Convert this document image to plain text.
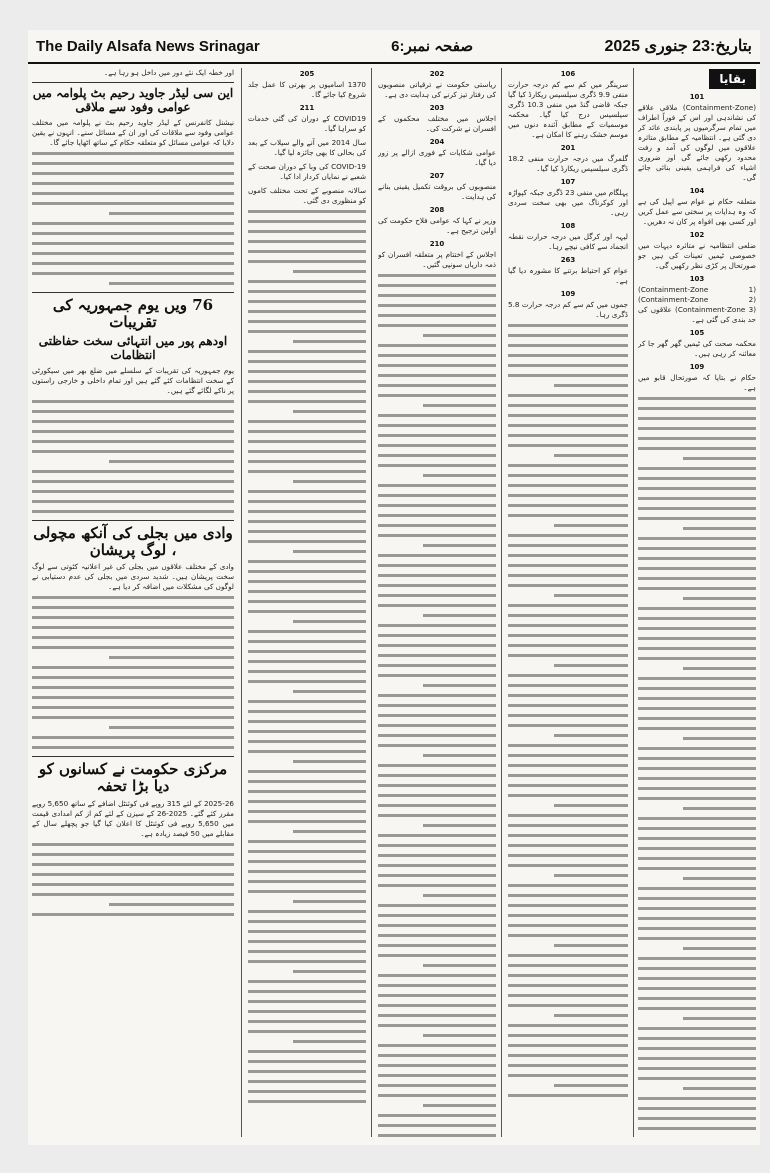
The Daily Alsafa News Srinagar	صفحہ نمبر:6	بتاریخ:23 جنوری 2025
بقایا
101

(Containment-Zone) ملاقی علاقے کی نشاندہی اور اس کے فوراً اطراف میں تمام سرگرمیوں پر پابندی عائد کر دی گئی ہے۔ انتظامیہ کے مطابق متاثرہ علاقوں میں لوگوں کی آمد و رفت محدود رکھی جائے گی اور ضروری اشیاء کی فراہمی یقینی بنائی جائے گی۔

104

متعلقہ حکام نے عوام سے اپیل کی ہے کہ وہ ہدایات پر سختی سے عمل کریں اور کسی بھی افواہ پر کان نہ دھریں۔

102

ضلعی انتظامیہ نے متاثرہ دیہات میں خصوصی ٹیمیں تعینات کی ہیں جو صورتحال پر کڑی نظر رکھیں گی۔

103

(Containment-Zone 1) (Containment-Zone 2) (Containment-Zone 3) علاقوں کی حد بندی کی گئی ہے۔

105

محکمہ صحت کی ٹیمیں گھر گھر جا کر معائنہ کر رہی ہیں۔

109

حکام نے بتایا کہ صورتحال قابو میں ہے۔

106

سرینگر میں کم سے کم درجہ حرارت منفی 9.9 ڈگری سیلسیس ریکارڈ کیا گیا جبکہ قاضی گنڈ میں منفی 10.3 ڈگری سیلسیس درج کیا گیا۔ محکمہ موسمیات کے مطابق آئندہ دنوں میں موسم خشک رہنے کا امکان ہے۔

201

گلمرگ میں درجہ حرارت منفی 18.2 ڈگری سیلسیس ریکارڈ کیا گیا۔

107

پہلگام میں منفی 23 ڈگری جبکہ کپواڑہ اور کوکرناگ میں بھی سخت سردی رہی۔

108

لیہہ اور کرگل میں درجہ حرارت نقطہ انجماد سے کافی نیچے رہا۔

263

عوام کو احتیاط برتنے کا مشورہ دیا گیا ہے۔

109

جموں میں کم سے کم درجہ حرارت 5.8 ڈگری رہا۔

202

ریاستی حکومت نے ترقیاتی منصوبوں کی رفتار تیز کرنے کی ہدایت دی ہے۔

203

اجلاس میں مختلف محکموں کے افسران نے شرکت کی۔

204

عوامی شکایات کے فوری ازالے پر زور دیا گیا۔

207

منصوبوں کی بروقت تکمیل یقینی بنانے کی ہدایت۔

208

وزیر نے کہا کہ عوامی فلاح حکومت کی اولین ترجیح ہے۔

210

اجلاس کے اختتام پر متعلقہ افسران کو ذمہ داریاں سونپی گئیں۔

205

1370 اسامیوں پر بھرتی کا عمل جلد شروع کیا جائے گا۔

211

COVID19 کے دوران کی گئی خدمات کو سراہا گیا۔

سال 2014 میں آنے والے سیلاب کے بعد کی بحالی کا بھی جائزہ لیا گیا۔

COVID-19 کی وبا کے دوران صحت کے شعبے نے نمایاں کردار ادا کیا۔

سالانہ منصوبے کے تحت مختلف کاموں کو منظوری دی گئی۔

اور خطہ ایک نئے دور میں داخل ہو رہا ہے۔

این سی لیڈر جاوید رحیم بٹ پلوامہ میں عوامی وفود سے ملاقی

نیشنل کانفرنس کے لیڈر جاوید رحیم بٹ نے پلوامہ میں مختلف عوامی وفود سے ملاقات کی اور ان کے مسائل سنے۔ انہوں نے یقین دلایا کہ عوامی مسائل کو متعلقہ حکام کے ساتھ اٹھایا جائے گا۔

76 ویں یوم جمہوریہ کی تقریبات
اودھم پور میں انتہائی سخت حفاظتی انتظامات

یوم جمہوریہ کی تقریبات کے سلسلے میں ضلع بھر میں سیکورٹی کے سخت انتظامات کئے گئے ہیں اور تمام داخلی و خارجی راستوں پر ناکے لگائے گئے ہیں۔

وادی میں بجلی کی آنکھ مچولی ، لوگ پریشان

وادی کے مختلف علاقوں میں بجلی کی غیر اعلانیہ کٹوتی سے لوگ سخت پریشان ہیں۔ شدید سردی میں بجلی کی عدم دستیابی نے لوگوں کی مشکلات میں اضافہ کر دیا ہے۔

مرکزی حکومت نے کسانوں کو دیا بڑا تحفہ

2025-26 کے لئے 315 روپے فی کوئنٹل اضافے کے ساتھ 5,650 روپے مقرر کئے گئے۔ 2025-26 کے سیزن کے لئے کم از کم امدادی قیمت میں 5,650 روپے فی کوئنٹل کا اعلان کیا گیا جو پچھلے سال کے مقابلے میں 50 فیصد زیادہ ہے۔
